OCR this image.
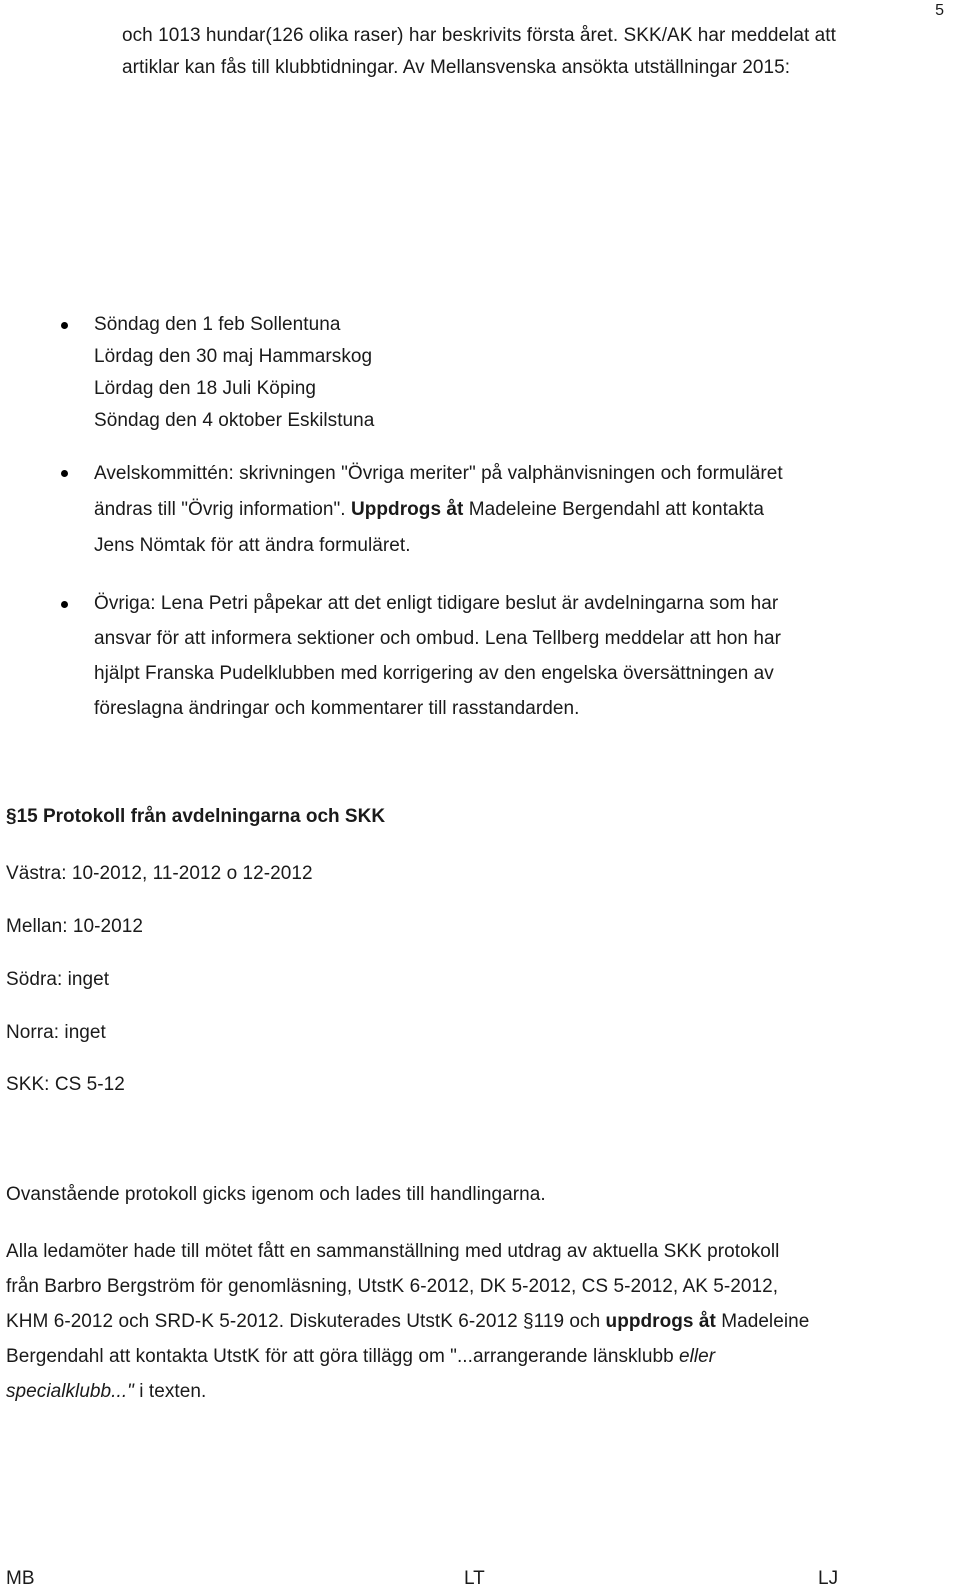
5
och 1013 hundar(126 olika raser) har beskrivits första året. SKK/AK har meddelat att
artiklar kan fås till klubbtidningar. Av Mellansvenska ansökta utställningar 2015:
Söndag den 1 feb Sollentuna
Lördag den 30 maj Hammarskog
Lördag den 18 Juli Köping
Söndag den 4 oktober Eskilstuna
Avelskommittén: skrivningen "Övriga meriter" på valphänvisningen och formuläret
ändras till "Övrig information". Uppdrogs åt Madeleine Bergendahl att kontakta
Jens Nömtak för att ändra formuläret.
Övriga: Lena Petri påpekar att det enligt tidigare beslut är avdelningarna som har
ansvar för att informera sektioner och ombud. Lena Tellberg meddelar att hon har
hjälpt Franska Pudelklubben med korrigering av den engelska översättningen av
föreslagna ändringar och kommentarer till rasstandarden.
§15 Protokoll från avdelningarna och SKK
Västra: 10-2012, 11-2012 o 12-2012
Mellan: 10-2012
Södra: inget
Norra: inget
SKK: CS 5-12
Ovanstående protokoll gicks igenom och lades till handlingarna.
Alla ledamöter hade till mötet fått en sammanställning med utdrag av aktuella SKK protokoll
från Barbro Bergström för genomläsning, UtstK 6-2012, DK 5-2012, CS 5-2012, AK 5-2012,
KHM 6-2012 och SRD-K 5-2012. Diskuterades UtstK 6-2012 §119 och uppdrogs åt Madeleine
Bergendahl att kontakta UtstK för att göra tillägg om "...arrangerande länsklubb eller
specialklubb..." i texten.
MB	LT	LJ
